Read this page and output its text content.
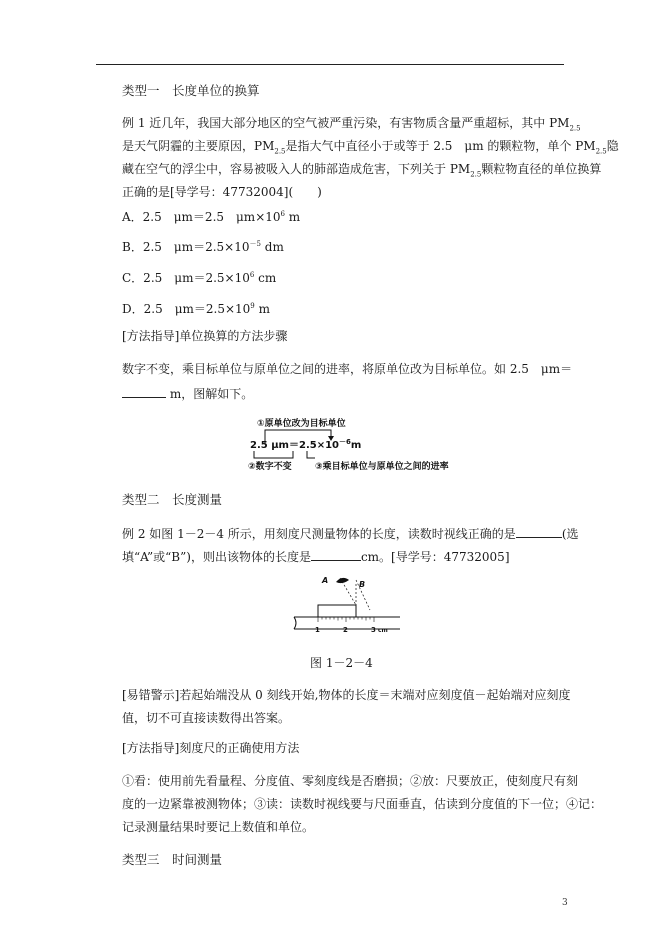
类型一　长度单位的换算
例 1 近几年，我国大部分地区的空气被严重污染，有害物质含量严重超标，其中 $PM_{2.5}$
是天气阴霾的主要原因，$PM_{2.5}$是指大气中直径小于或等于 2.5　μm 的颗粒物，单个 $PM_{2.5}$隐
藏在空气的浮尘中，容易被吸入人的肺部造成危害，下列关于 $PM_{2.5}$颗粒物直径的单位换算
正确的是[导学号：47732004](　　)
A．2.5　μm＝2.5　$\mu m\times 10^6$ m
B．2.5　$\mu m=2.5\times 10^{-5}$ dm
C．2.5　$\mu m=2.5\times 10^6$ cm
D．2.5　$\mu m=2.5\times 10^9$ m
[方法指导]单位换算的方法步骤
数字不变，乘目标单位与原单位之间的进率，将原单位改为目标单位。如 2.5　μm＝
m，图解如下。
①原单位改为目标单位
2.5 $\mu m=2.5\times 10^{-6}m$
②数字不变	③乘目标单位与原单位之间的进率
类型二　长度测量
例 2 如图 1－2－4 所示，用刻度尺测量物体的长度，读数时视线正确的是	(选
填“A”或“B”)，则出该物体的长度是	cm。[导学号：47732005]
1	2	3 cm
A	B
图 1－2－4
[易错警示]若起始端没从 0 刻线开始,物体的长度＝末端对应刻度值－起始端对应刻度
值，切不可直接读数得出答案。
[方法指导]刻度尺的正确使用方法
①看：使用前先看量程、分度值、零刻度线是否磨损；②放：尺要放正，使刻度尺有刻
度的一边紧靠被测物体；③读：读数时视线要与尺面垂直，估读到分度值的下一位；④记：
记录测量结果时要记上数值和单位。
类型三　时间测量
3
